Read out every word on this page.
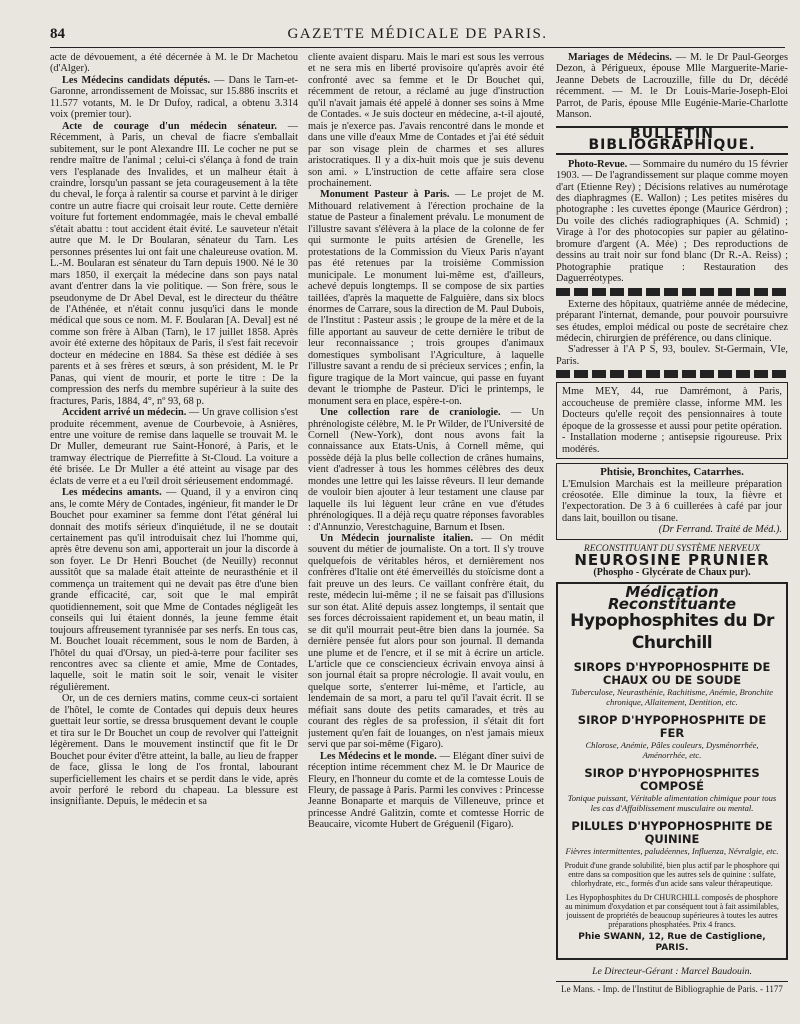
84	GAZETTE MÉDICALE DE PARIS.

acte de dévouement, a été décernée à M. le Dr Machetou (d'Alger).

Les Médecins candidats députés. — Dans le Tarn-et-Garonne, arrondissement de Moissac, sur 15.886 inscrits et 11.577 votants, M. le Dr Dufoy, radical, a obtenu 3.314 voix (premier tour).

Acte de courage d'un médecin sénateur. — Récemment, à Paris, un cheval de fiacre s'emballait subitement, sur le pont Alexandre III. Le cocher ne put se rendre maître de l'animal ; celui-ci s'élança à fond de train vers l'esplanade des Invalides, et un malheur était à craindre, lorsqu'un passant se jeta courageusement à la tête du cheval, le força à ralentir sa course et parvint à le diriger contre un autre fiacre qui croisait leur route. Cette dernière voiture fut fortement endommagée, mais le cheval emballé s'était abattu : tout accident était évité. Le sauveteur n'était autre que M. le Dr Boularan, sénateur du Tarn. Les personnes présentes lui ont fait une chaleureuse ovation. M. L.-M. Boularan est sénateur du Tarn depuis 1900. Né le 30 mars 1850, il exerçait la médecine dans son pays natal avant d'entrer dans la vie politique. — Son frère, sous le pseudonyme de Dr Abel Deval, est le directeur du théâtre de l'Athénée, et n'était connu jusqu'ici dans le monde médical que sous ce nom. M. F. Boularan [A. Deval] est né comme son frère à Alban (Tarn), le 17 juillet 1858. Après avoir été externe des hôpitaux de Paris, il s'est fait recevoir docteur en médecine en 1884. Sa thèse est dédiée à ses parents et à ses frères et sœurs, à son président, M. le Pr Panas, qui vient de mourir, et porte le titre : De la compression des nerfs du membre supérieur à la suite des fractures, Paris, 1884, 4°, nº 93, 68 p.

Accident arrivé un médecin. — Un grave collision s'est produite récemment, avenue de Courbevoie, à Asnières, entre une voiture de remise dans laquelle se trouvait M. le Dr Muller, demeurant rue Saint-Honoré, à Paris, et le tramway électrique de Pierrefitte à St-Cloud. La voiture a été brisée. Le Dr Muller a été atteint au visage par des éclats de verre et a eu l'œil droit sérieusement endommagé.

Les médecins amants. — Quand, il y a environ cinq ans, le comte Méry de Contades, ingénieur, fit mander le Dr Bouchet pour examiner sa femme dont l'état général lui donnait des motifs sérieux d'inquiétude, il ne se doutait certainement pas qu'il introduisait chez lui l'homme qui, après être devenu son ami, apporterait un jour la discorde à son foyer. Le Dr Henri Bouchet (de Neuilly) reconnut aussitôt que sa malade était atteinte de neurasthénie et il commença un traitement qui ne devait pas être d'une bien grande efficacité, car, soit que le mal empirât quotidiennement, soit que Mme de Contades négligeât les conseils qui lui étaient donnés, la jeune femme était toujours affreusement tyrannisée par ses nerfs. En tous cas, M. Bouchet louait récemment, sous le nom de Barden, à l'hôtel du quai d'Orsay, un pied-à-terre pour faciliter ses rencontres avec sa cliente et amie, Mme de Contades, laquelle, soit le matin soit le soir, venait le visiter régulièrement.

Or, un de ces derniers matins, comme ceux-ci sortaient de l'hôtel, le comte de Contades qui depuis deux heures guettait leur sortie, se dressa brusquement devant le couple et tira sur le Dr Bouchet un coup de revolver qui l'atteignit légèrement. Dans le mouvement instinctif que fit le Dr Bouchet pour éviter d'être atteint, la balle, au lieu de frapper de face, glissa le long de l'os frontal, labourant superficiellement les chairs et se perdit dans le vide, après avoir perforé le rebord du chapeau. La blessure est insignifiante. Depuis, le médecin et sa

cliente avaient disparu. Mais le mari est sous les verrous et ne sera mis en liberté provisoire qu'après avoir été confronté avec sa femme et le Dr Bouchet qui, récemment de retour, a réclamé au juge d'instruction qu'il n'avait jamais été appelé à donner ses soins à Mme de Contades. « Je suis docteur en médecine, a-t-il ajouté, mais je n'exerce pas. J'avais rencontré dans le monde et dans une ville d'eaux Mme de Contades et j'ai été séduit par son visage plein de charmes et ses allures aristocratiques. Il y a dix-huit mois que je suis devenu son ami. » L'instruction de cette affaire sera close prochainement.

Monument Pasteur à Paris. — Le projet de M. Mithouard relativement à l'érection prochaine de la statue de Pasteur a finalement prévalu. Le monument de l'illustre savant s'élèvera à la place de la colonne de fer qui surmonte le puits artésien de Grenelle, les protestations de la Commission du Vieux Paris n'ayant pas été retenues par la troisième Commission municipale. Le monument lui-même est, d'ailleurs, achevé depuis longtemps. Il se compose de six parties taillées, d'après la maquette de Falguière, dans six blocs énormes de Carrare, sous la direction de M. Paul Dubois, de l'Institut : Pasteur assis ; le groupe de la mère et de la fille apportant au sauveur de cette dernière le tribut de leur reconnaissance ; trois groupes d'animaux domestiques symbolisant l'Agriculture, à laquelle l'illustre savant a rendu de si précieux services ; enfin, la figure tragique de la Mort vaincue, qui passe en fuyant devant le triomphe de Pasteur. D'ici le printemps, le monument sera en place, espère-t-on.

Une collection rare de craniologie. — Un phrénologiste célèbre, M. le Pr Wilder, de l'Université de Cornell (New-York), dont nous avons fait la connaissance aux Etats-Unis, à Cornell même, qui possède déjà la plus belle collection de crânes humains, vient d'adresser à tous les hommes célèbres des deux mondes une lettre qui les laisse rêveurs. Il leur demande de vouloir bien ajouter à leur testament une clause par laquelle ils lui lèguent leur crâne en vue d'études phrénologiques. Il a déjà reçu quatre réponses favorables : d'Annunzio, Verestchaguine, Barnum et Ibsen.

Un Médecin journaliste italien. — On médit souvent du métier de journaliste. On a tort. Il s'y trouve quelquefois de véritables héros, et dernièrement nos confrères d'Italie ont été émerveillés du stoïcisme dont a fait preuve un des leurs. Ce vaillant confrère était, du reste, médecin lui-même ; il ne se faisait pas d'illusions sur son état. Alité depuis assez longtemps, il sentait que ses forces décroissaient rapidement et, un beau matin, il se dit qu'il mourrait peut-être bien dans la journée. Sa dernière pensée fut alors pour son journal. Il demanda une plume et de l'encre, et il se mit à écrire un article. L'article que ce consciencieux écrivain envoya ainsi à son journal était sa propre nécrologie. Il avait voulu, en quelque sorte, s'enterrer lui-même, et l'article, au lendemain de sa mort, a paru tel qu'il l'avait écrit. Il se méfiait sans doute des petits camarades, et très au courant des règles de sa profession, il s'était dit fort justement qu'en fait de louanges, on n'est jamais mieux servi que par soi-même (Figaro).

Les Médecins et le monde. — Elégant dîner suivi de réception intime récemment chez M. le Dr Maurice de Fleury, en l'honneur du comte et de la comtesse Louis de Fleury, de passage à Paris. Parmi les convives : Princesse Jeanne Bonaparte et marquis de Villeneuve, prince et princesse André Galitzin, comte et comtesse Horric de Beaucaire, vicomte Hubert de Gréguenil (Figaro).

Mariages de Médecins. — M. le Dr Paul-Georges Dezon, à Périgueux, épouse Mlle Marguerite-Marie-Jeanne Debets de Lacrouzille, fille du Dr, décédé récemment. — M. le Dr Louis-Marie-Joseph-Eloi Parrot, de Paris, épouse Mlle Eugénie-Marie-Charlotte Manson.

BULLETIN BIBLIOGRAPHIQUE.

Photo-Revue. — Sommaire du numéro du 15 février 1903. — De l'agrandissement sur plaque comme moyen d'art (Etienne Rey) ; Décisions relatives au numérotage des diaphragmes (E. Wallon) ; Les petites misères du photographe : les cuvettes éponge (Maurice Gérdron) ; Du voile des clichés radiographiques (A. Schmid) ; Virage à l'or des photocopies sur papier au gélatino-bromure d'argent (A. Mée) ; Des reproductions de dessins au trait noir sur fond blanc (Dr R.-A. Reiss) ; Photographie pratique : Restauration des Daguerréotypes.

Externe des hôpitaux, quatrième année de médecine, préparant l'internat, demande, pour pouvoir poursuivre ses études, emploi médical ou poste de secrétaire chez médecin, chirurgien de préférence, ou dans clinique.

S'adresser à l'A P S, 93, boulev. St-Germain, VIe, Paris.

Mme MEY, 44, rue Damrémont, à Paris, accoucheuse de première classe, informe MM. les Docteurs qu'elle reçoit des pensionnaires à toute époque de la grossesse et aussi pour petite opération. - Installation moderne ; antisepsie rigoureuse. Prix modérés.

Phtisie, Bronchites, Catarrhes.

L'Emulsion Marchais est la meilleure préparation créosotée. Elle diminue la toux, la fièvre et l'expectoration. De 3 à 6 cuillerées à café par jour dans lait, bouillon ou tisane.

(Dr Ferrand. Traité de Méd.).
RECONSTITUANT DU SYSTÈME NERVEUX
NEUROSINE PRUNIER
(Phospho - Glycérate de Chaux pur).
Médication Reconstituante
Hypophosphites du Dr Churchill
SIROPS D'HYPOPHOSPHITE DE CHAUX OU DE SOUDE
Tuberculose, Neurasthénie, Rachitisme, Anémie, Bronchite chronique, Allaitement, Dentition, etc.
SIROP D'HYPOPHOSPHITE DE FER
Chlorose, Anémie, Pâles couleurs, Dysménorrhée, Aménorrhée, etc.
SIROP D'HYPOPHOSPHITES COMPOSÉ
Tonique puissant, Véritable alimentation chimique pour tous les cas d'Affaiblissement musculaire ou mental.
PILULES D'HYPOPHOSPHITE DE QUININE
Fièvres intermittentes, paludéennes, Influenza, Névralgie, etc.
Produit d'une grande solubilité, bien plus actif par le phosphore qui entre dans sa composition que les autres sels de quinine : sulfate, chlorhydrate, etc., formés d'un acide sans valeur thérapeutique.
Les Hypophosphites du Dr CHURCHILL composés de phosphore au minimum d'oxydation et par conséquent tout à fait assimilables, jouissent de propriétés de beaucoup supérieures à toutes les autres préparations phosphatées. Prix 4 francs.
Phie SWANN, 12, Rue de Castiglione, PARIS.
Le Directeur-Gérant : Marcel Baudouin.
Le Mans. - Imp. de l'Institut de Bibliographie de Paris. - 1177
